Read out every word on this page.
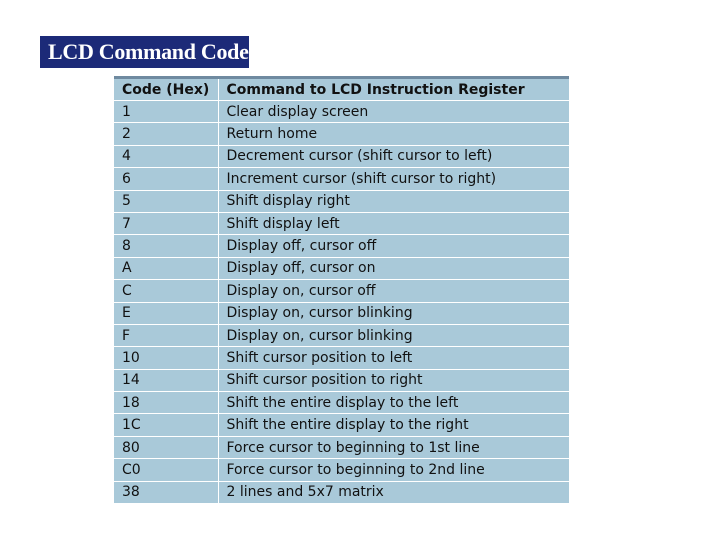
LCD Command Codes
Code (Hex)	Command to LCD Instruction Register
1	Clear display screen
2	Return home
4	Decrement cursor (shift cursor to left)
6	Increment cursor (shift cursor to right)
5	Shift display right
7	Shift display left
8	Display off, cursor off
A	Display off, cursor on
C	Display on, cursor off
E	Display on, cursor blinking
F	Display on, cursor blinking
10	Shift cursor position to left
14	Shift cursor position to right
18	Shift the entire display to the left
1C	Shift the entire display to the right
80	Force cursor to beginning to 1st line
C0	Force cursor to beginning to 2nd line
38	2 lines and 5x7 matrix
